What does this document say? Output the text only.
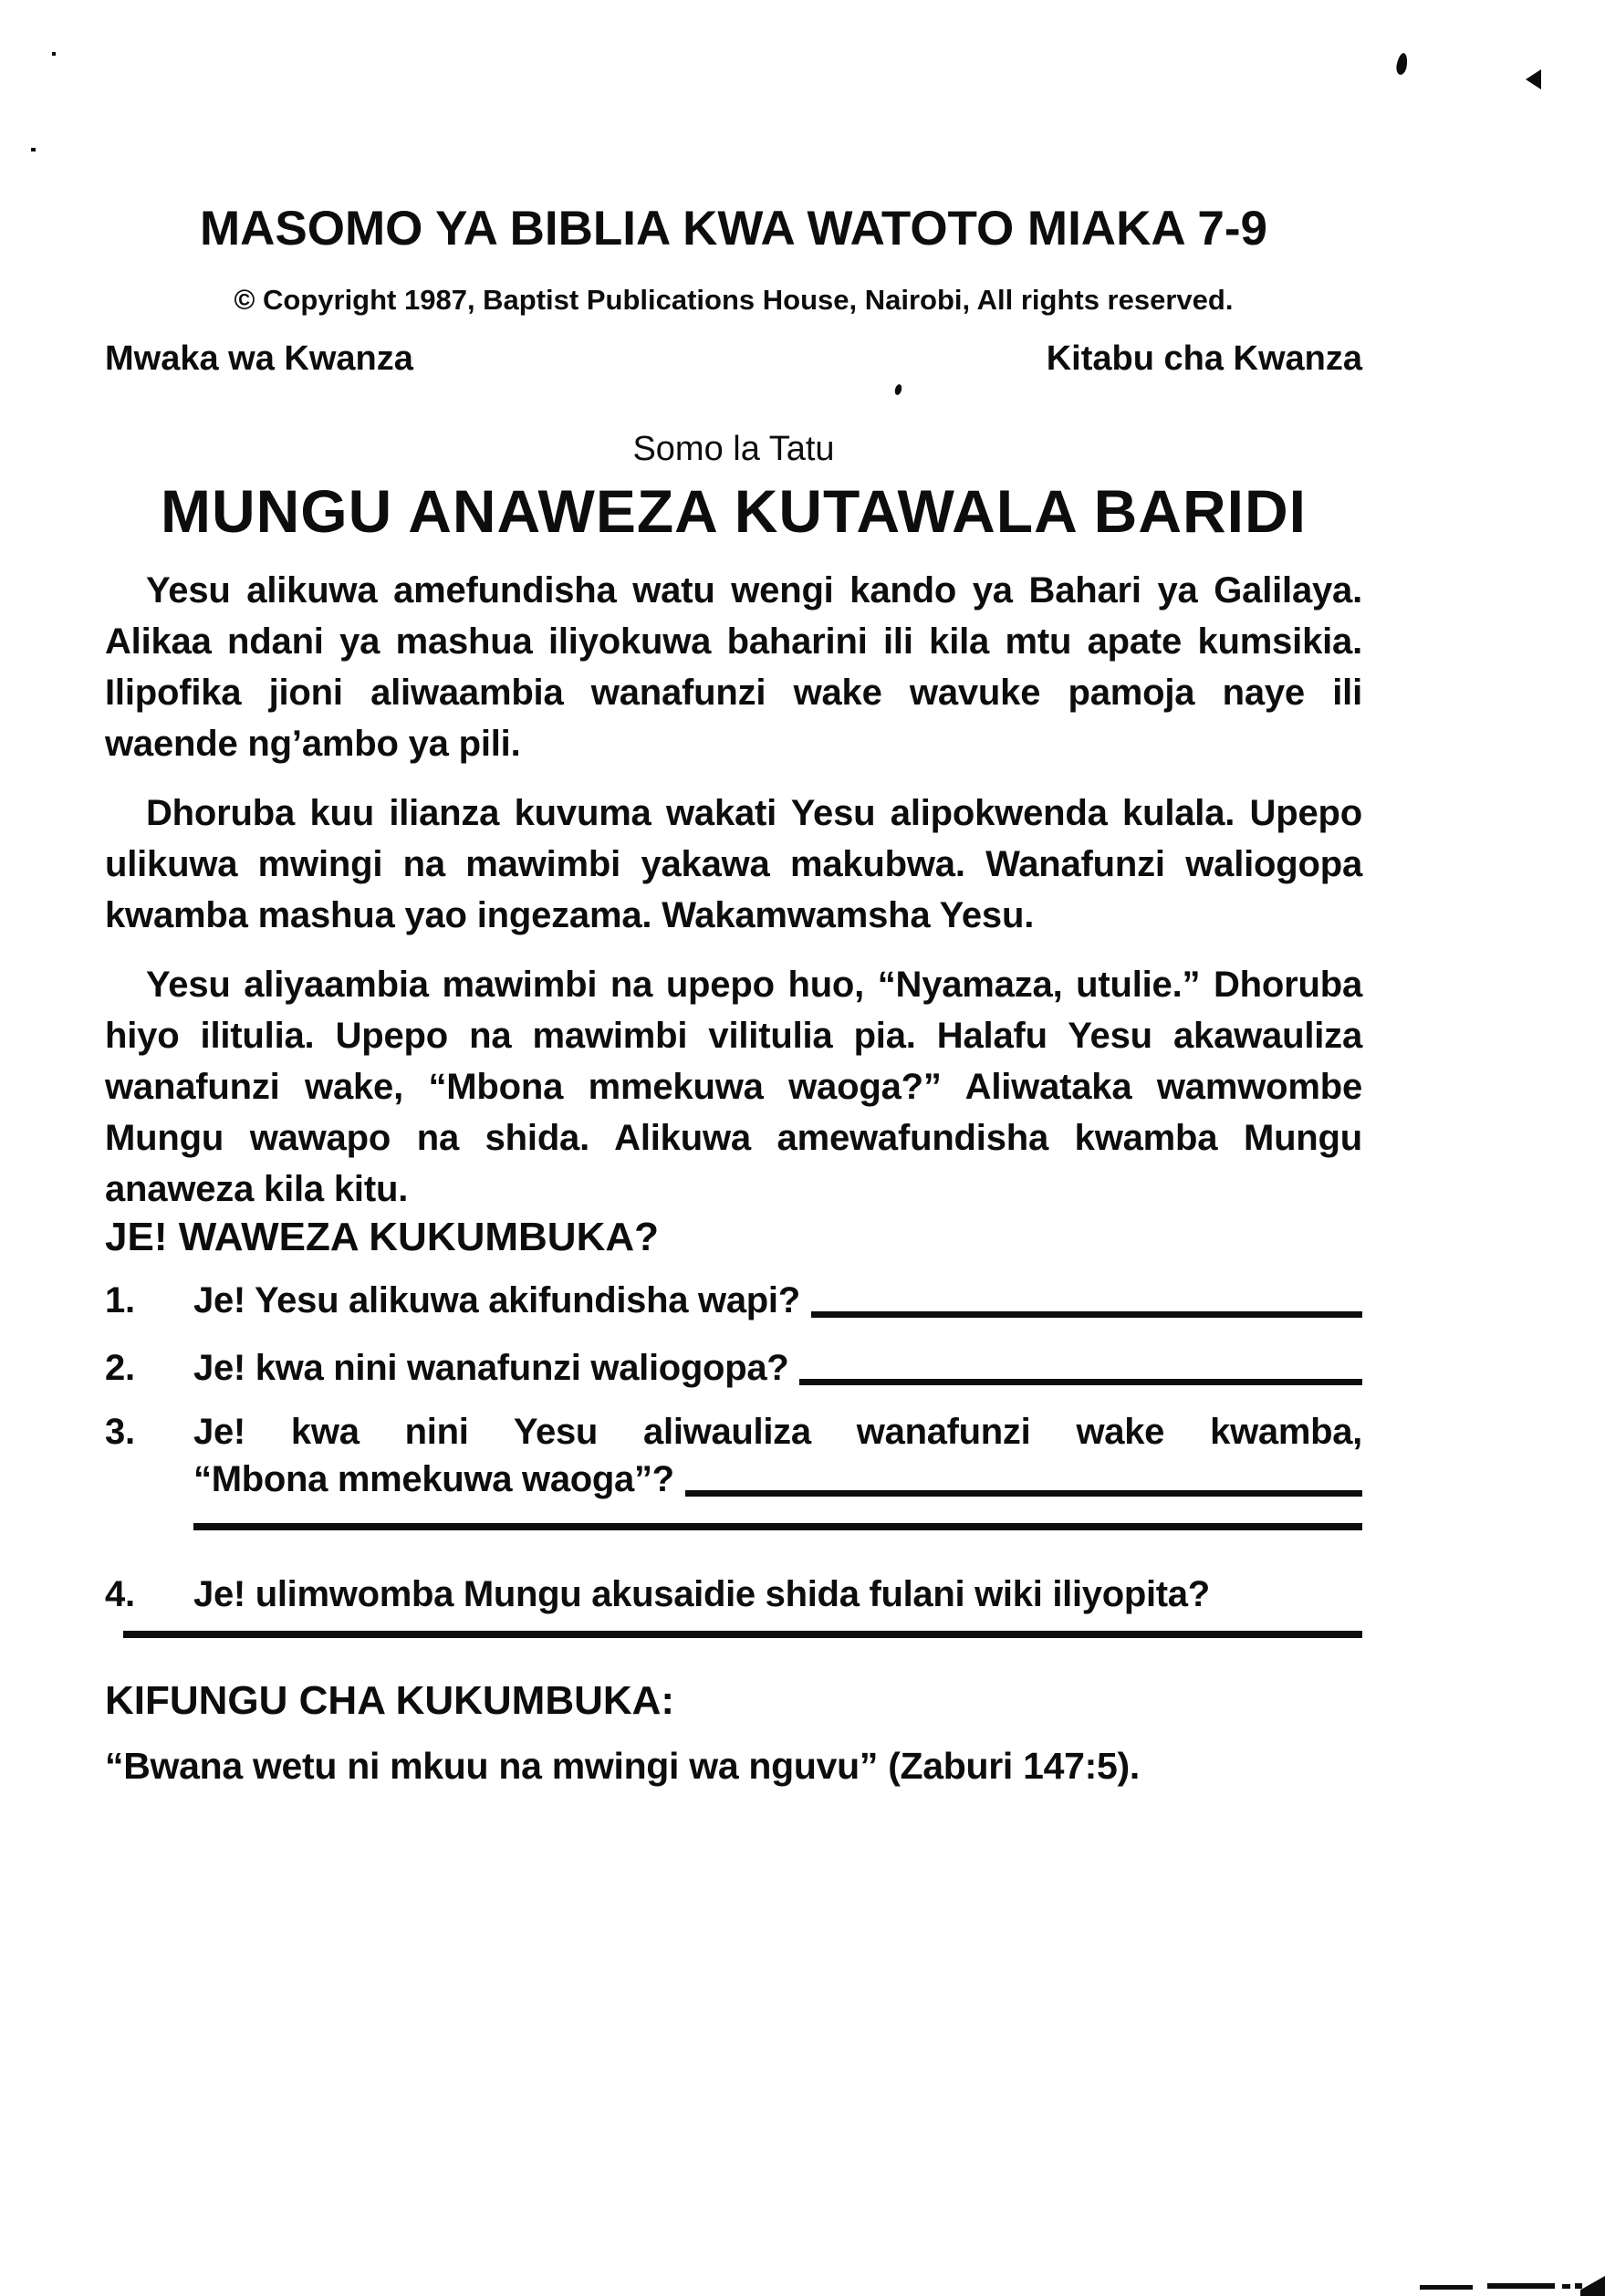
MASOMO YA BIBLIA KWA WATOTO MIAKA 7-9

© Copyright 1987, Baptist Publications House, Nairobi, All rights reserved.

Mwaka wa Kwanza	Kitabu cha Kwanza
Somo la Tatu
MUNGU ANAWEZA KUTAWALA BARIDI

Yesu alikuwa amefundisha watu wengi kando ya Bahari ya Galilaya. Alikaa ndani ya mashua iliyokuwa baharini ili kila mtu apate kumsikia. Ilipofika jioni aliwaambia wanafunzi wake wavuke pamoja naye ili waende ng’ambo ya pili.

Dhoruba kuu ilianza kuvuma wakati Yesu alipokwenda kulala. Upepo ulikuwa mwingi na mawimbi yakawa makubwa. Wanafunzi waliogopa kwamba mashua yao ingezama. Wakamwamsha Yesu.

Yesu aliyaambia mawimbi na upepo huo, “Nyamaza, utulie.” Dhoruba hiyo ilitulia. Upepo na mawimbi vilitulia pia. Halafu Yesu akawauliza wanafunzi wake, “Mbona mmekuwa waoga?” Aliwataka wamwombe Mungu wawapo na shida. Alikuwa amewafundisha kwamba Mungu anaweza kila kitu.

JE! WAWEZA KUKUMBUKA?
1. Je! Yesu alikuwa akifundisha wapi?
2. Je! kwa nini wanafunzi waliogopa?
3. Je! kwa nini Yesu aliwauliza wanafunzi wake kwamba,
“Mbona mmekuwa waoga”?
4. Je! ulimwomba Mungu akusaidie shida fulani wiki iliyopita?
KIFUNGU CHA KUKUMBUKA:

“Bwana wetu ni mkuu na mwingi wa nguvu” (Zaburi 147:5).
